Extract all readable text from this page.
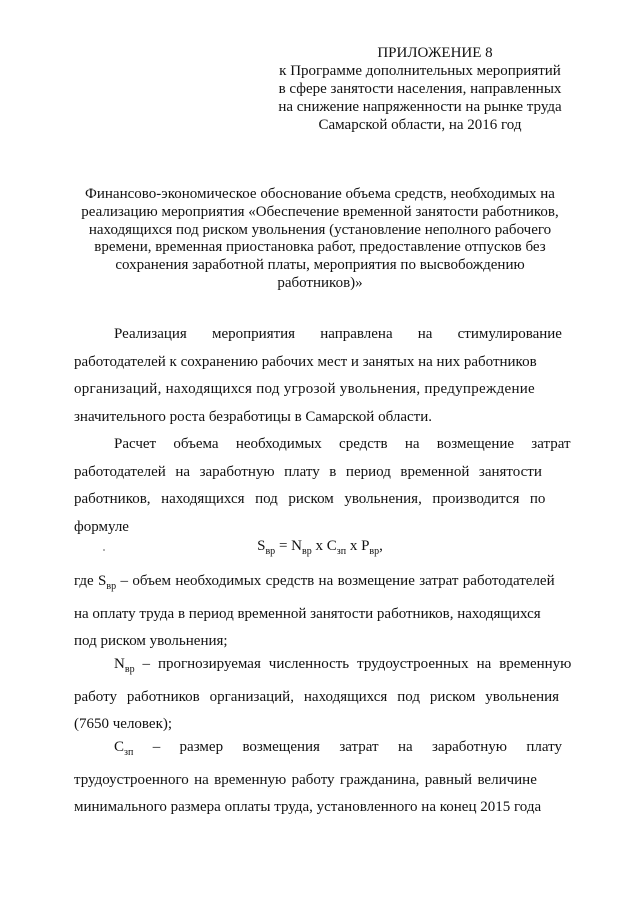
ПРИЛОЖЕНИЕ 8
к Программе дополнительных мероприятий
в сфере занятости населения, направленных
на снижение напряженности на рынке труда
Самарской области, на 2016 год
Финансово-экономическое обоснование объема средств, необходимых на
реализацию мероприятия «Обеспечение временной занятости работников,
находящихся под риском увольнения (установление неполного рабочего
времени, временная приостановка работ, предоставление отпусков без
сохранения заработной платы, мероприятия по высвобождению
работников)»
Реализация мероприятия направлена на стимулирование
работодателей к сохранению рабочих мест и занятых на них работников
организаций, находящихся под угрозой увольнения, предупреждение
значительного роста безработицы в Самарской области.
Расчет объема необходимых средств на возмещение затрат
работодателей на заработную плату в период временной занятости
работников, находящихся под риском увольнения, производится по
формуле
$S_{вр} = N_{вр}$ x $C_{зп}$ x $P_{вр}$,
где $S_{вр}$ – объем необходимых средств на возмещение затрат работодателей
на оплату труда в период временной занятости работников, находящихся
под риском увольнения;
$N_{вр}$ – прогнозируемая численность трудоустроенных на временную
работу работников организаций, находящихся под риском увольнения
(7650 человек);
$C_{зп}$ – размер возмещения затрат на заработную плату
трудоустроенного на временную работу гражданина, равный величине
минимального размера оплаты труда, установленного на конец 2015 года
